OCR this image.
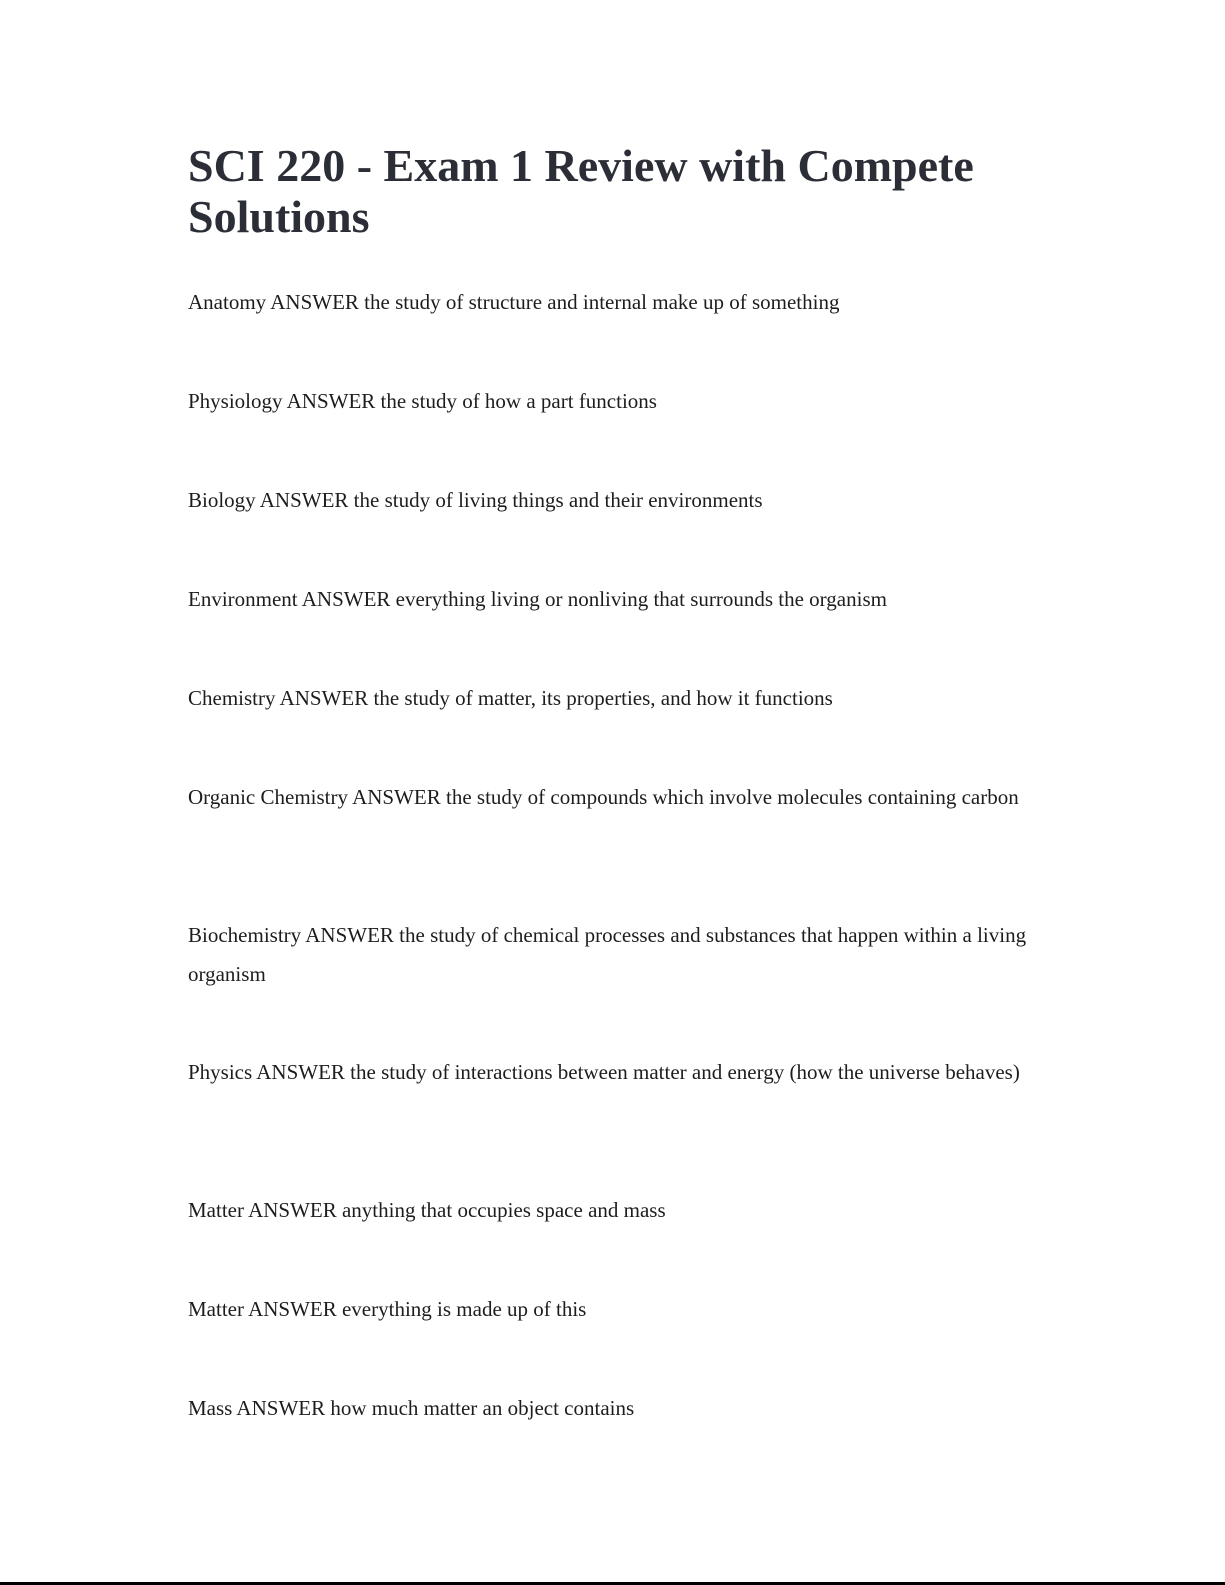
SCI 220 - Exam 1 Review with Compete Solutions

Anatomy ANSWER the study of structure and internal make up of something

Physiology ANSWER the study of how a part functions

Biology ANSWER the study of living things and their environments

Environment ANSWER everything living or nonliving that surrounds the organism

Chemistry ANSWER the study of matter, its properties, and how it functions

Organic Chemistry ANSWER the study of compounds which involve molecules containing carbon

Biochemistry ANSWER the study of chemical processes and substances that happen within a living organism

Physics ANSWER the study of interactions between matter and energy (how the universe behaves)

Matter ANSWER anything that occupies space and mass

Matter ANSWER everything is made up of this

Mass ANSWER how much matter an object contains
